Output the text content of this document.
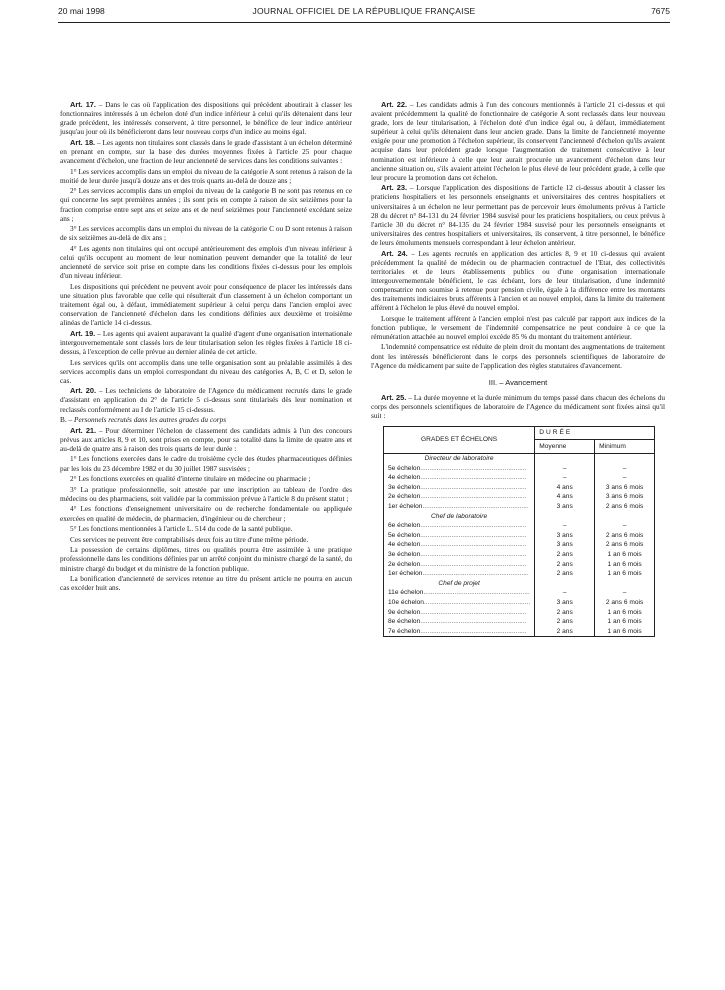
20 mai 1998	JOURNAL OFFICIEL DE LA RÉPUBLIQUE FRANÇAISE	7675

Art. 17. – Dans le cas où l'application des dispositions qui précèdent aboutirait à classer les fonctionnaires intéressés à un échelon doté d'un indice inférieur à celui qu'ils détenaient dans leur grade précédent, les intéressés conservent, à titre personnel, le bénéfice de leur indice antérieur jusqu'au jour où ils bénéficieront dans leur nouveau corps d'un indice au moins égal.

Art. 18. – Les agents non titulaires sont classés dans le grade d'assistant à un échelon déterminé en prenant en compte, sur la base des durées moyennes fixées à l'article 25 pour chaque avancement d'échelon, une fraction de leur ancienneté de services dans les conditions suivantes :

1° Les services accomplis dans un emploi du niveau de la catégorie A sont retenus à raison de la moitié de leur durée jusqu'à douze ans et des trois quarts au-delà de douze ans ;

2° Les services accomplis dans un emploi du niveau de la catégorie B ne sont pas retenus en ce qui concerne les sept premières années ; ils sont pris en compte à raison de six seizièmes pour la fraction comprise entre sept ans et seize ans et de neuf seizièmes pour l'ancienneté excédant seize ans ;

3° Les services accomplis dans un emploi du niveau de la catégorie C ou D sont retenus à raison de six seizièmes au-delà de dix ans ;

4° Les agents non titulaires qui ont occupé antérieurement des emplois d'un niveau inférieur à celui qu'ils occupent au moment de leur nomination peuvent demander que la totalité de leur ancienneté de service soit prise en compte dans les conditions fixées ci-dessus pour les emplois d'un niveau inférieur.

Les dispositions qui précèdent ne peuvent avoir pour conséquence de placer les intéressés dans une situation plus favorable que celle qui résulterait d'un classement à un échelon comportant un traitement égal ou, à défaut, immédiatement supérieur à celui perçu dans l'ancien emploi avec conservation de l'ancienneté d'échelon dans les conditions définies aux deuxième et troisième alinéas de l'article 14 ci-dessus.

Art. 19. – Les agents qui avaient auparavant la qualité d'agent d'une organisation internationale intergouvernementale sont classés lors de leur titularisation selon les règles fixées à l'article 18 ci-dessus, à l'exception de celle prévue au dernier alinéa de cet article.

Les services qu'ils ont accomplis dans une telle organisation sont au préalable assimilés à des services accomplis dans un emploi correspondant du niveau des catégories A, B, C et D, selon le cas.

Art. 20. – Les techniciens de laboratoire de l'Agence du médicament recrutés dans le grade d'assistant en application du 2° de l'article 5 ci-dessus sont titularisés dès leur nomination et reclassés conformément au I de l'article 15 ci-dessus.

B. – Personnels recrutés dans les autres grades du corps

Art. 21. – Pour déterminer l'échelon de classement des candidats admis à l'un des concours prévus aux articles 8, 9 et 10, sont prises en compte, pour sa totalité dans la limite de quatre ans et au-delà de quatre ans à raison des trois quarts de leur durée :

1° Les fonctions exercées dans le cadre du troisième cycle des études pharmaceutiques définies par les lois du 23 décembre 1982 et du 30 juillet 1987 susvisées ;

2° Les fonctions exercées en qualité d'interne titulaire en médecine ou pharmacie ;

3° La pratique professionnelle, soit attestée par une inscription au tableau de l'ordre des médecins ou des pharmaciens, soit validée par la commission prévue à l'article 8 du présent statut ;

4° Les fonctions d'enseignement universitaire ou de recherche fondamentale ou appliquée exercées en qualité de médecin, de pharmacien, d'ingénieur ou de chercheur ;

5° Les fonctions mentionnées à l'article L. 514 du code de la santé publique.

Ces services ne peuvent être comptabilisés deux fois au titre d'une même période.

La possession de certains diplômes, titres ou qualités pourra être assimilée à une pratique professionnelle dans les conditions définies par un arrêté conjoint du ministre chargé de la santé, du ministre chargé du budget et du ministre de la fonction publique.

La bonification d'ancienneté de services retenue au titre du présent article ne pourra en aucun cas excéder huit ans.

Art. 22. – Les candidats admis à l'un des concours mentionnés à l'article 21 ci-dessus et qui avaient précédemment la qualité de fonctionnaire de catégorie A sont reclassés dans leur nouveau grade, lors de leur titularisation, à l'échelon doté d'un indice égal ou, à défaut, immédiatement supérieur à celui qu'ils détenaient dans leur ancien grade. Dans la limite de l'ancienneté moyenne exigée pour une promotion à l'échelon supérieur, ils conservent l'ancienneté d'échelon qu'ils avaient acquise dans leur précédent grade lorsque l'augmentation de traitement consécutive à leur nomination est inférieure à celle que leur aurait procurée un avancement d'échelon dans leur ancienne situation ou, s'ils avaient atteint l'échelon le plus élevé de leur précédent grade, à celle que leur procure la promotion dans cet échelon.

Art. 23. – Lorsque l'application des dispositions de l'article 12 ci-dessus aboutit à classer les praticiens hospitaliers et les personnels enseignants et universitaires des centres hospitaliers et universitaires à un échelon ne leur permettant pas de percevoir leurs émoluments prévus à l'article 28 du décret n° 84-131 du 24 février 1984 susvisé pour les praticiens hospitaliers, ou ceux prévus à l'article 30 du décret n° 84-135 du 24 février 1984 susvisé pour les personnels enseignants et universitaires des centres hospitaliers et universitaires, ils conservent, à titre personnel, le bénéfice de leurs émoluments mensuels correspondant à leur échelon antérieur.

Art. 24. – Les agents recrutés en application des articles 8, 9 et 10 ci-dessus qui avaient précédemment la qualité de médecin ou de pharmacien contractuel de l'Etat, des collectivités territoriales et de leurs établissements publics ou d'une organisation internationale intergouvernementale bénéficient, le cas échéant, lors de leur titularisation, d'une indemnité compensatrice non soumise à retenue pour pension civile, égale à la différence entre les montants des traitements indiciaires bruts afférents à l'ancien et au nouvel emploi, dans la limite du traitement afférent à l'échelon le plus élevé du nouvel emploi.

Lorsque le traitement afférent à l'ancien emploi n'est pas calculé par rapport aux indices de la fonction publique, le versement de l'indemnité compensatrice ne peut conduire à ce que la rémunération attachée au nouvel emploi excède 85 % du montant du traitement antérieur.

L'indemnité compensatrice est réduite de plein droit du montant des augmentations de traitement dont les intéressés bénéficieront dans le corps des personnels scientifiques de laboratoire de l'Agence du médicament par suite de l'application des règles statutaires d'avancement.

III. – Avancement

Art. 25. – La durée moyenne et la durée minimum du temps passé dans chacun des échelons du corps des personnels scientifiques de laboratoire de l'Agence du médicament sont fixées ainsi qu'il suit :

GRADES ET ÉCHELONS	DURÉE	
	Moyenne	Minimum
Directeur de laboratoire		
5e échelon..........................................................	–	–
4e échelon..........................................................	–	–
3e échelon..........................................................	4 ans	3 ans 6 mois
2e échelon..........................................................	4 ans	3 ans 6 mois
1er échelon..........................................................	3 ans	2 ans 6 mois
Chef de laboratoire		
6e échelon..........................................................	–	–
5e échelon..........................................................	3 ans	2 ans 6 mois
4e échelon..........................................................	3 ans	2 ans 6 mois
3e échelon..........................................................	2 ans	1 an 6 mois
2e échelon..........................................................	2 ans	1 an 6 mois
1er échelon..........................................................	2 ans	1 an 6 mois
Chef de projet		
11e échelon..........................................................	–	–
10e échelon..........................................................	3 ans	2 ans 6 mois
9e échelon..........................................................	2 ans	1 an 6 mois
8e échelon..........................................................	2 ans	1 an 6 mois
7e échelon..........................................................	2 ans	1 an 6 mois
